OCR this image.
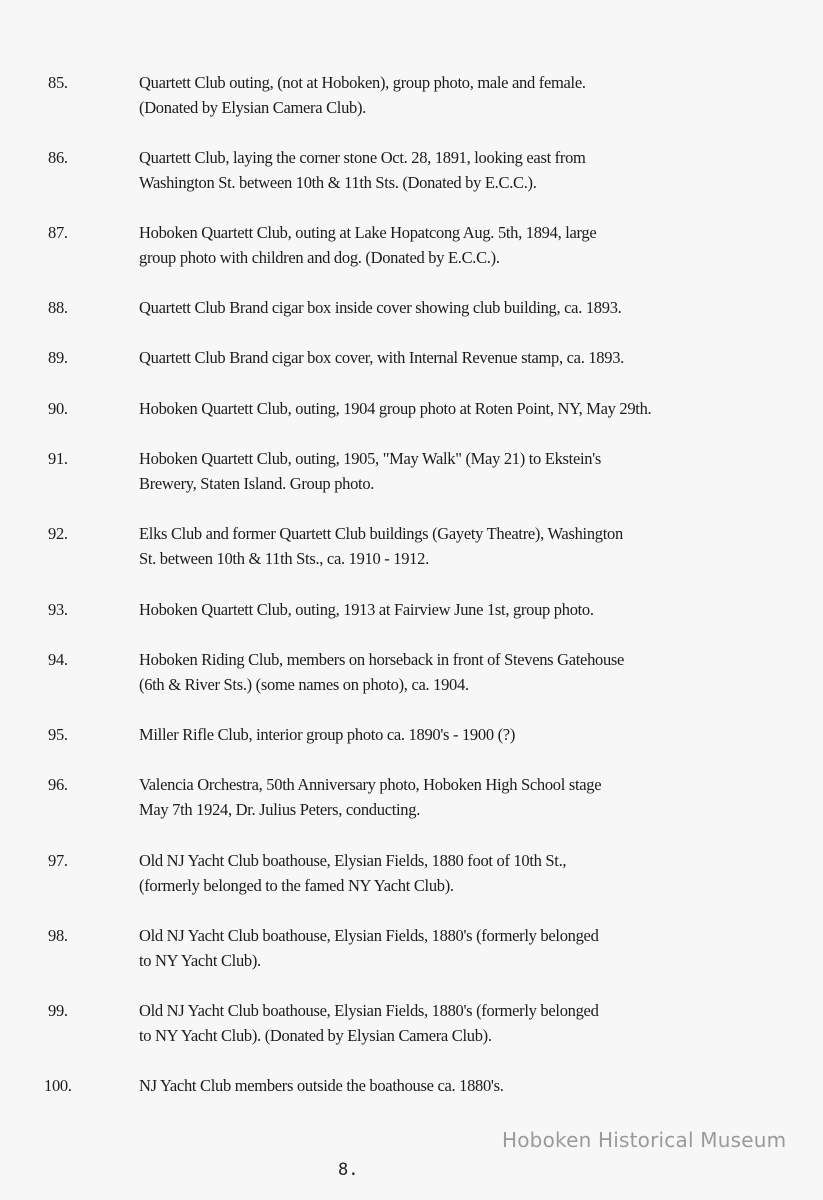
85.	Quartett Club outing, (not at Hoboken), group photo, male and female.
(Donated by Elysian Camera Club).
86.	Quartett Club, laying the corner stone Oct. 28, 1891, looking east from
Washington St. between 10th & 11th Sts. (Donated by E.C.C.).
87.	Hoboken Quartett Club, outing at Lake Hopatcong Aug. 5th, 1894, large
group photo with children and dog. (Donated by E.C.C.).
88.	Quartett Club Brand cigar box inside cover showing club building, ca. 1893.
89.	Quartett Club Brand cigar box cover, with Internal Revenue stamp, ca. 1893.
90.	Hoboken Quartett Club, outing, 1904 group photo at Roten Point, NY, May 29th.
91.	Hoboken Quartett Club, outing, 1905, "May Walk" (May 21) to Ekstein's
Brewery, Staten Island. Group photo.
92.	Elks Club and former Quartett Club buildings (Gayety Theatre), Washington
St. between 10th & 11th Sts., ca. 1910 - 1912.
93.	Hoboken Quartett Club, outing, 1913 at Fairview June 1st, group photo.
94.	Hoboken Riding Club, members on horseback in front of Stevens Gatehouse
(6th & River Sts.) (some names on photo), ca. 1904.
95.	Miller Rifle Club, interior group photo ca. 1890's - 1900 (?)
96.	Valencia Orchestra, 50th Anniversary photo, Hoboken High School stage
May 7th 1924, Dr. Julius Peters, conducting.
97.	Old NJ Yacht Club boathouse, Elysian Fields, 1880 foot of 10th St.,
(formerly belonged to the famed NY Yacht Club).
98.	Old NJ Yacht Club boathouse, Elysian Fields, 1880's (formerly belonged
to NY Yacht Club).
99.	Old NJ Yacht Club boathouse, Elysian Fields, 1880's (formerly belonged
to NY Yacht Club). (Donated by Elysian Camera Club).
100.	NJ Yacht Club members outside the boathouse ca. 1880's.
Hoboken Historical Museum
8.
